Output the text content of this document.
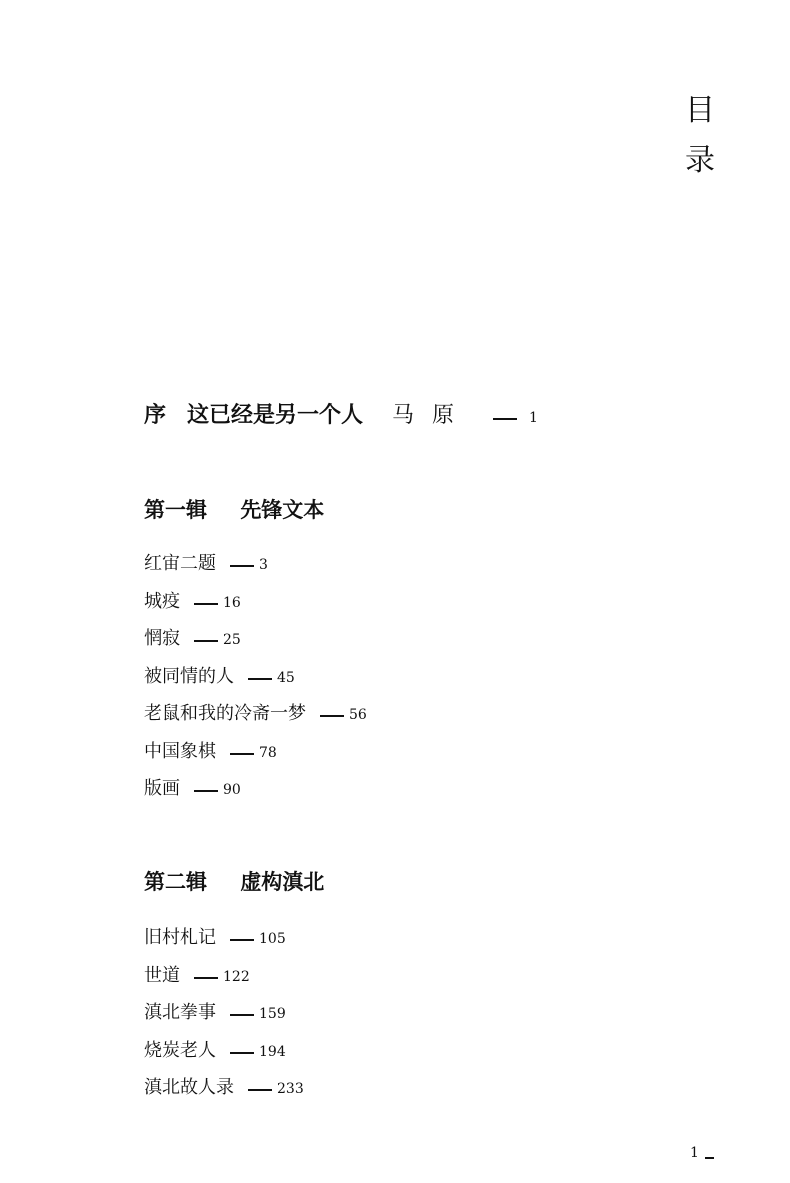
目
录
序 这已经是另一个人 马原	1
第一辑 先锋文本
红宙二题	3
城疫	16
惘寂	25
被同情的人	45
老鼠和我的冷斋一梦	56
中国象棋	78
版画	90
第二辑 虚构滇北
旧村札记	105
世道	122
滇北拳事	159
烧炭老人	194
滇北故人录	233
1
